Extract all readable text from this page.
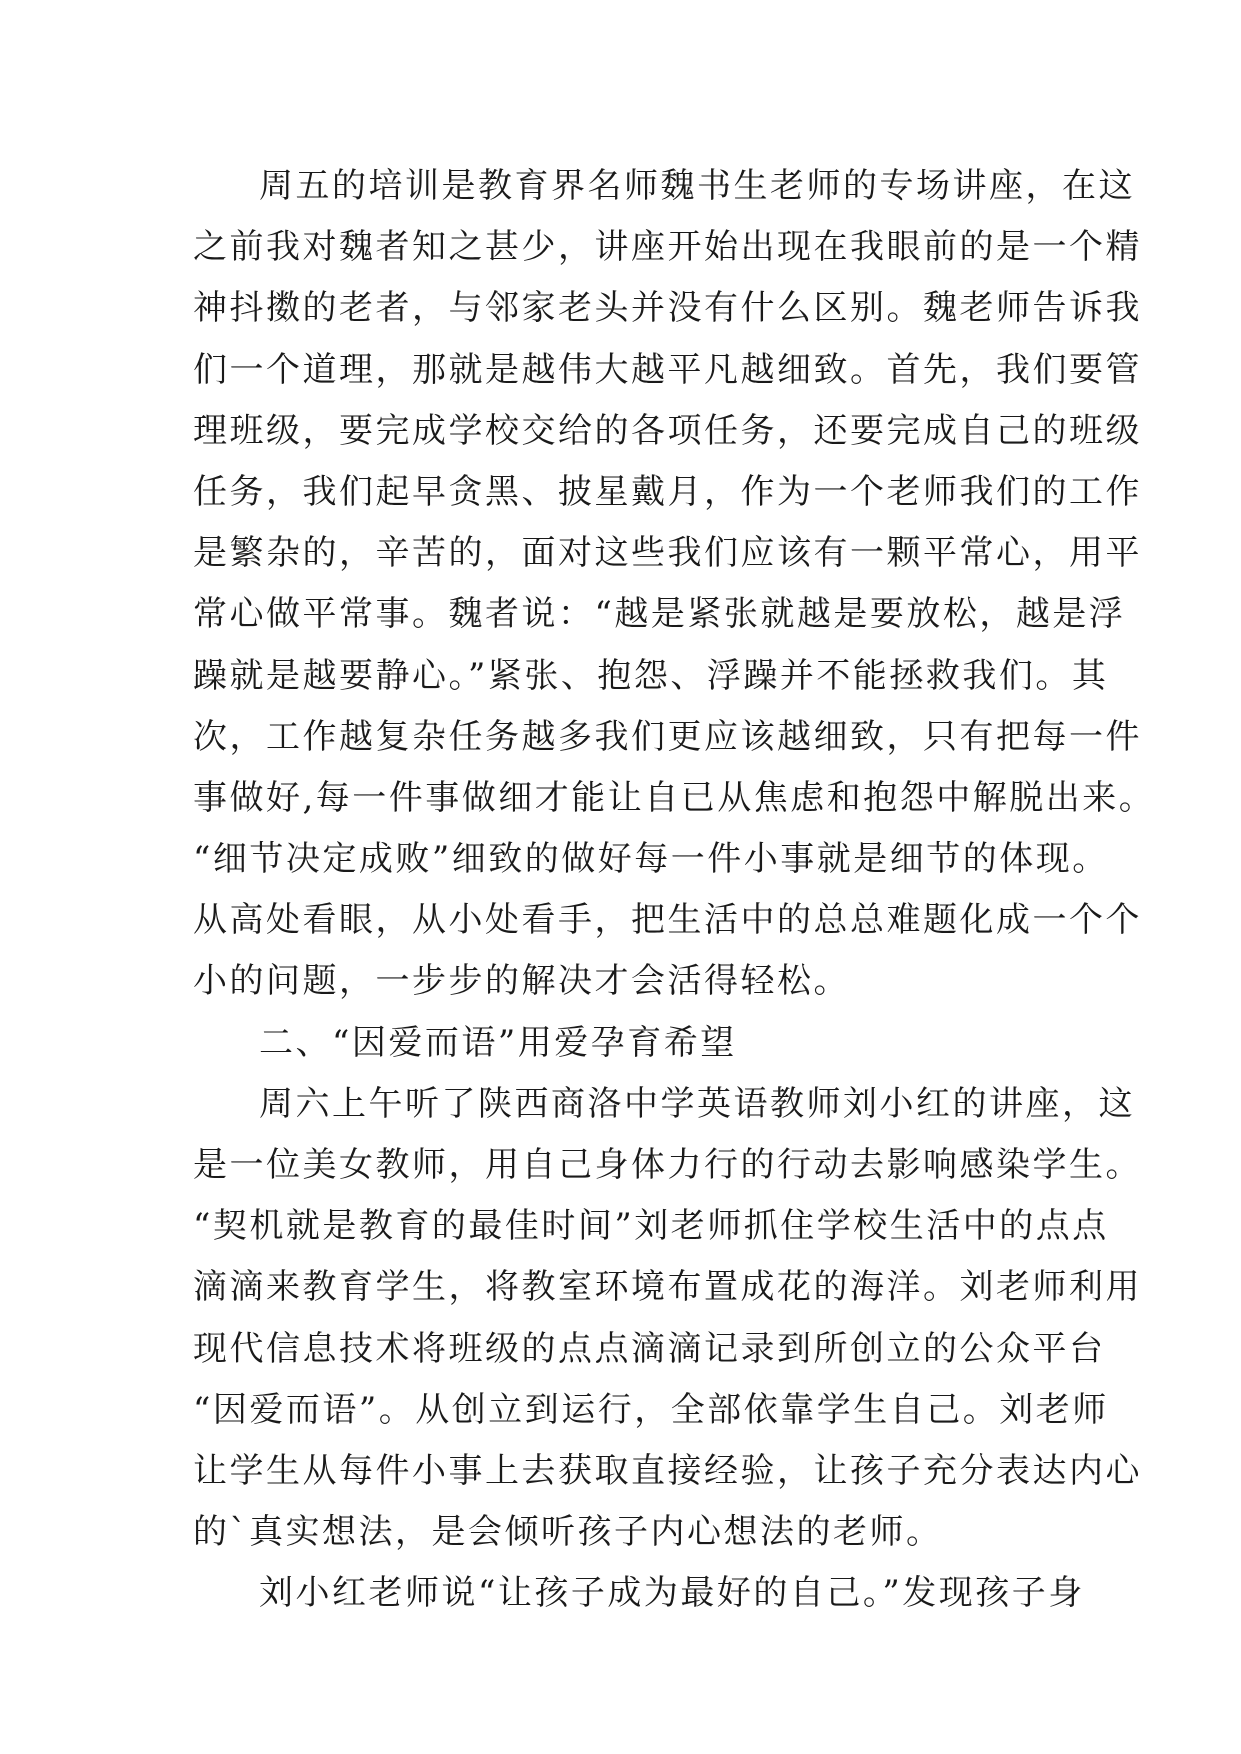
周五的培训是教育界名师魏书生老师的专场讲座，在这
之前我对魏者知之甚少，讲座开始出现在我眼前的是一个精
神抖擞的老者，与邻家老头并没有什么区别。魏老师告诉我
们一个道理，那就是越伟大越平凡越细致。首先，我们要管
理班级，要完成学校交给的各项任务，还要完成自己的班级
任务，我们起早贪黑、披星戴月，作为一个老师我们的工作
是繁杂的，辛苦的，面对这些我们应该有一颗平常心，用平
常心做平常事。魏者说：“越是紧张就越是要放松，越是浮
躁就是越要静心。”紧张、抱怨、浮躁并不能拯救我们。其
次，工作越复杂任务越多我们更应该越细致，只有把每一件
事做好,每一件事做细才能让自已从焦虑和抱怨中解脱出来。
“细节决定成败”细致的做好每一件小事就是细节的体现。
从高处看眼，从小处看手，把生活中的总总难题化成一个个
小的问题，一步步的解决才会活得轻松。
二、“因爱而语”用爱孕育希望
周六上午听了陕西商洛中学英语教师刘小红的讲座，这
是一位美女教师，用自己身体力行的行动去影响感染学生。
“契机就是教育的最佳时间”刘老师抓住学校生活中的点点
滴滴来教育学生，将教室环境布置成花的海洋。刘老师利用
现代信息技术将班级的点点滴滴记录到所创立的公众平台
“因爱而语”。从创立到运行，全部依靠学生自己。刘老师
让学生从每件小事上去获取直接经验，让孩子充分表达内心
的`真实想法，是会倾听孩子内心想法的老师。
刘小红老师说“让孩子成为最好的自己。”发现孩子身
